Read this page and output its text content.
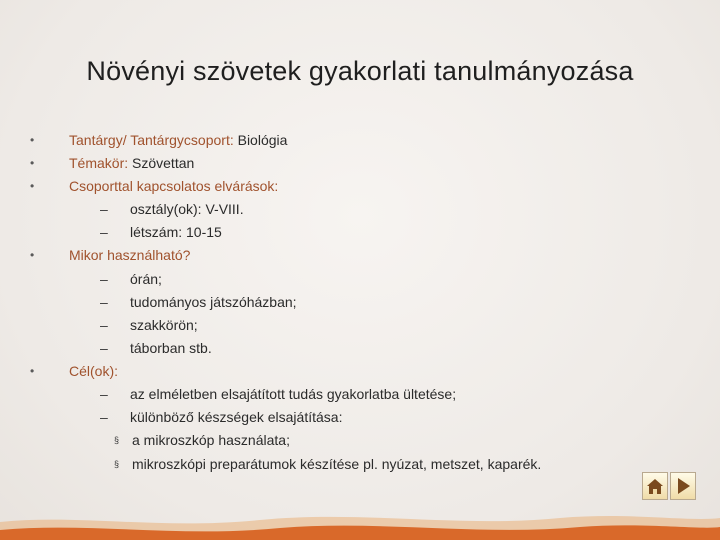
Növényi szövetek gyakorlati tanulmányozása
• Tantárgy/ Tantárgycsoport: Biológia
• Témakör: Szövettan
• Csoporttal kapcsolatos elvárások:
– osztály(ok): V-VIII.
– létszám: 10-15
• Mikor használható?
– órán;
– tudományos játszóházban;
– szakkörön;
– táborban stb.
• Cél(ok):
– az elméletben elsajátított tudás gyakorlatba ültetése;
– különböző készségek elsajátítása:
§ a mikroszkóp használata;
§ mikroszkópi preparátumok készítése pl. nyúzat, metszet, kaparék.
